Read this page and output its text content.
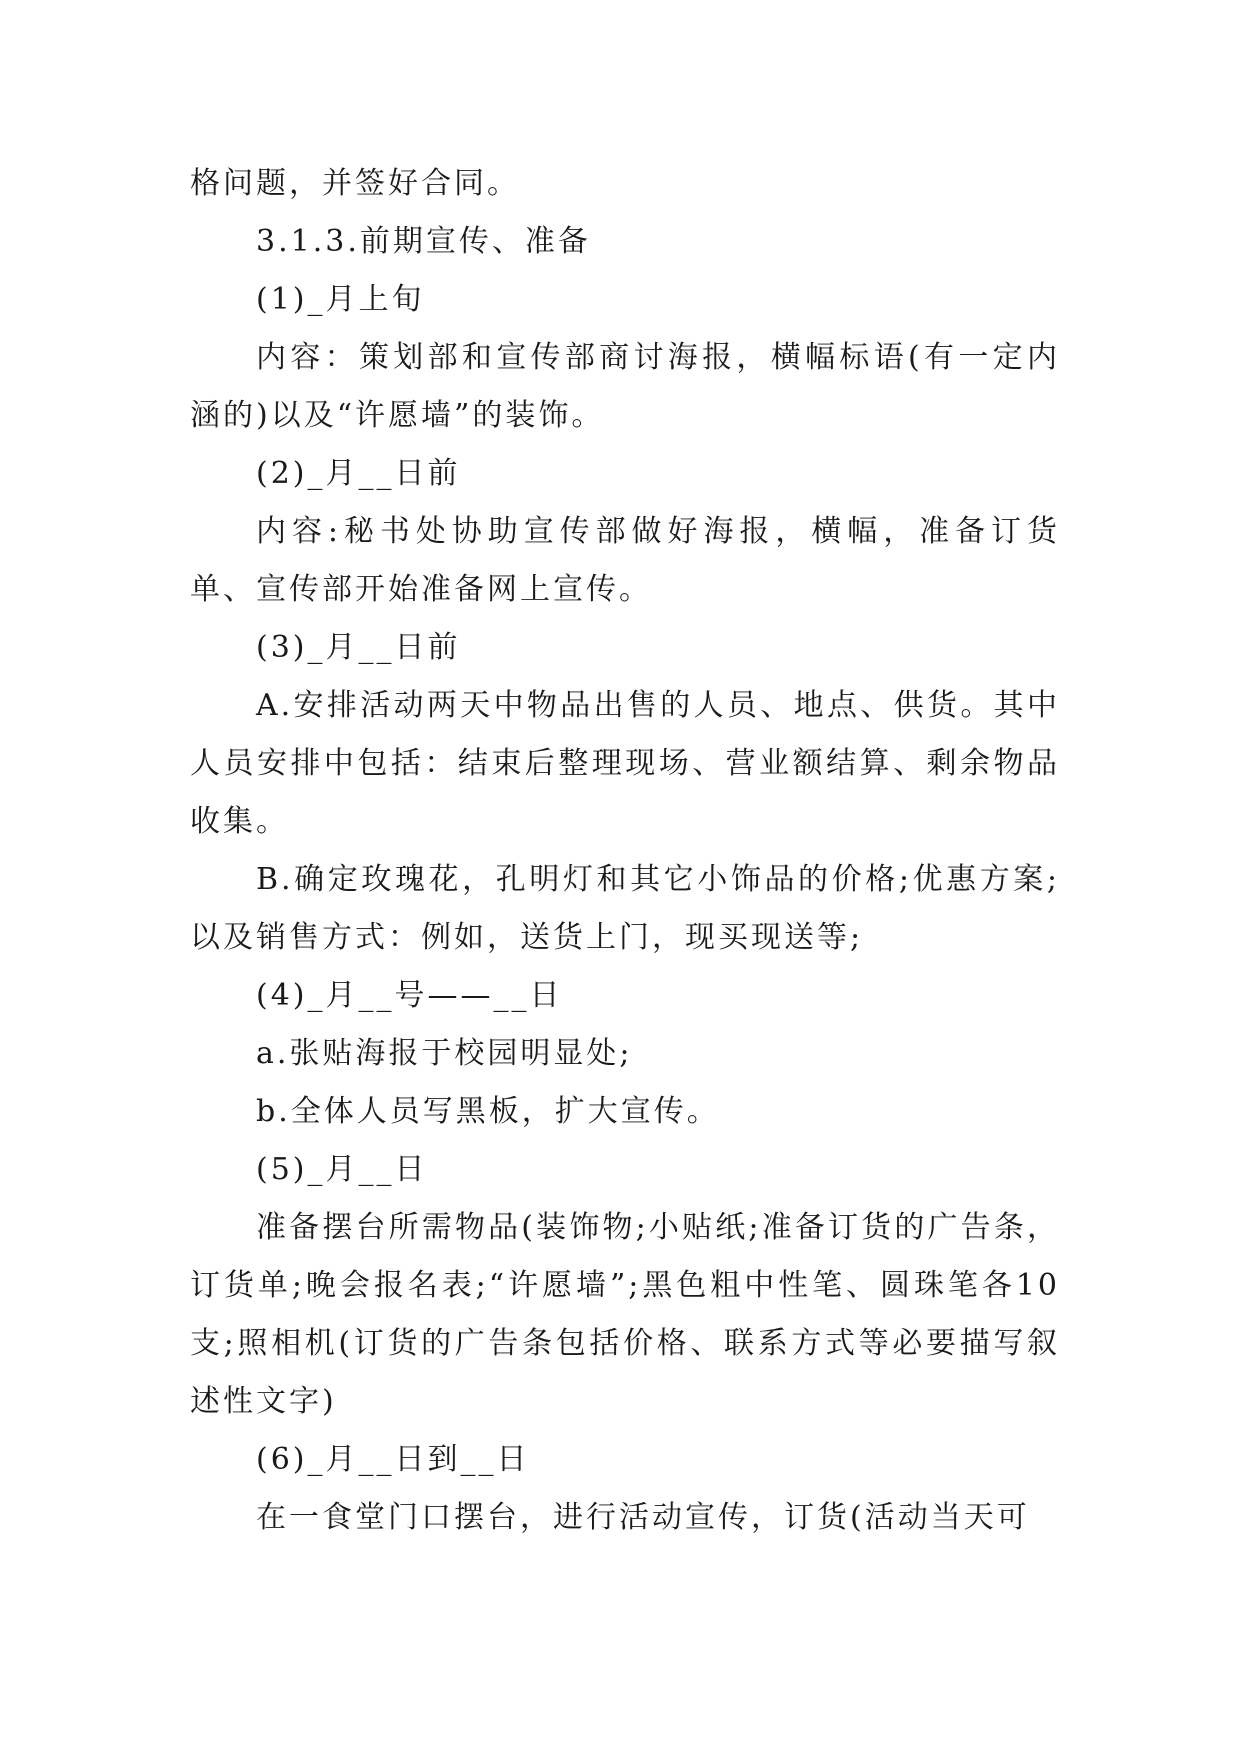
格问题，并签好合同。

3.1.3.前期宣传、准备

(1)_月上旬

内容：策划部和宣传部商讨海报，横幅标语(有一定内涵的)以及“许愿墙”的装饰。

(2)_月__日前

内容:秘书处协助宣传部做好海报，横幅，准备订货单、宣传部开始准备网上宣传。

(3)_月__日前

A.安排活动两天中物品出售的人员、地点、供货。其中人员安排中包括：结束后整理现场、营业额结算、剩余物品收集。

B.确定玫瑰花，孔明灯和其它小饰品的价格;优惠方案;以及销售方式：例如，送货上门，现买现送等;

(4)_月__号——__日

a.张贴海报于校园明显处;

b.全体人员写黑板，扩大宣传。

(5)_月__日

准备摆台所需物品(装饰物;小贴纸;准备订货的广告条，订货单;晚会报名表;“许愿墙”;黑色粗中性笔、圆珠笔各10支;照相机(订货的广告条包括价格、联系方式等必要描写叙述性文字)

(6)_月__日到__日

在一食堂门口摆台，进行活动宣传，订货(活动当天可
